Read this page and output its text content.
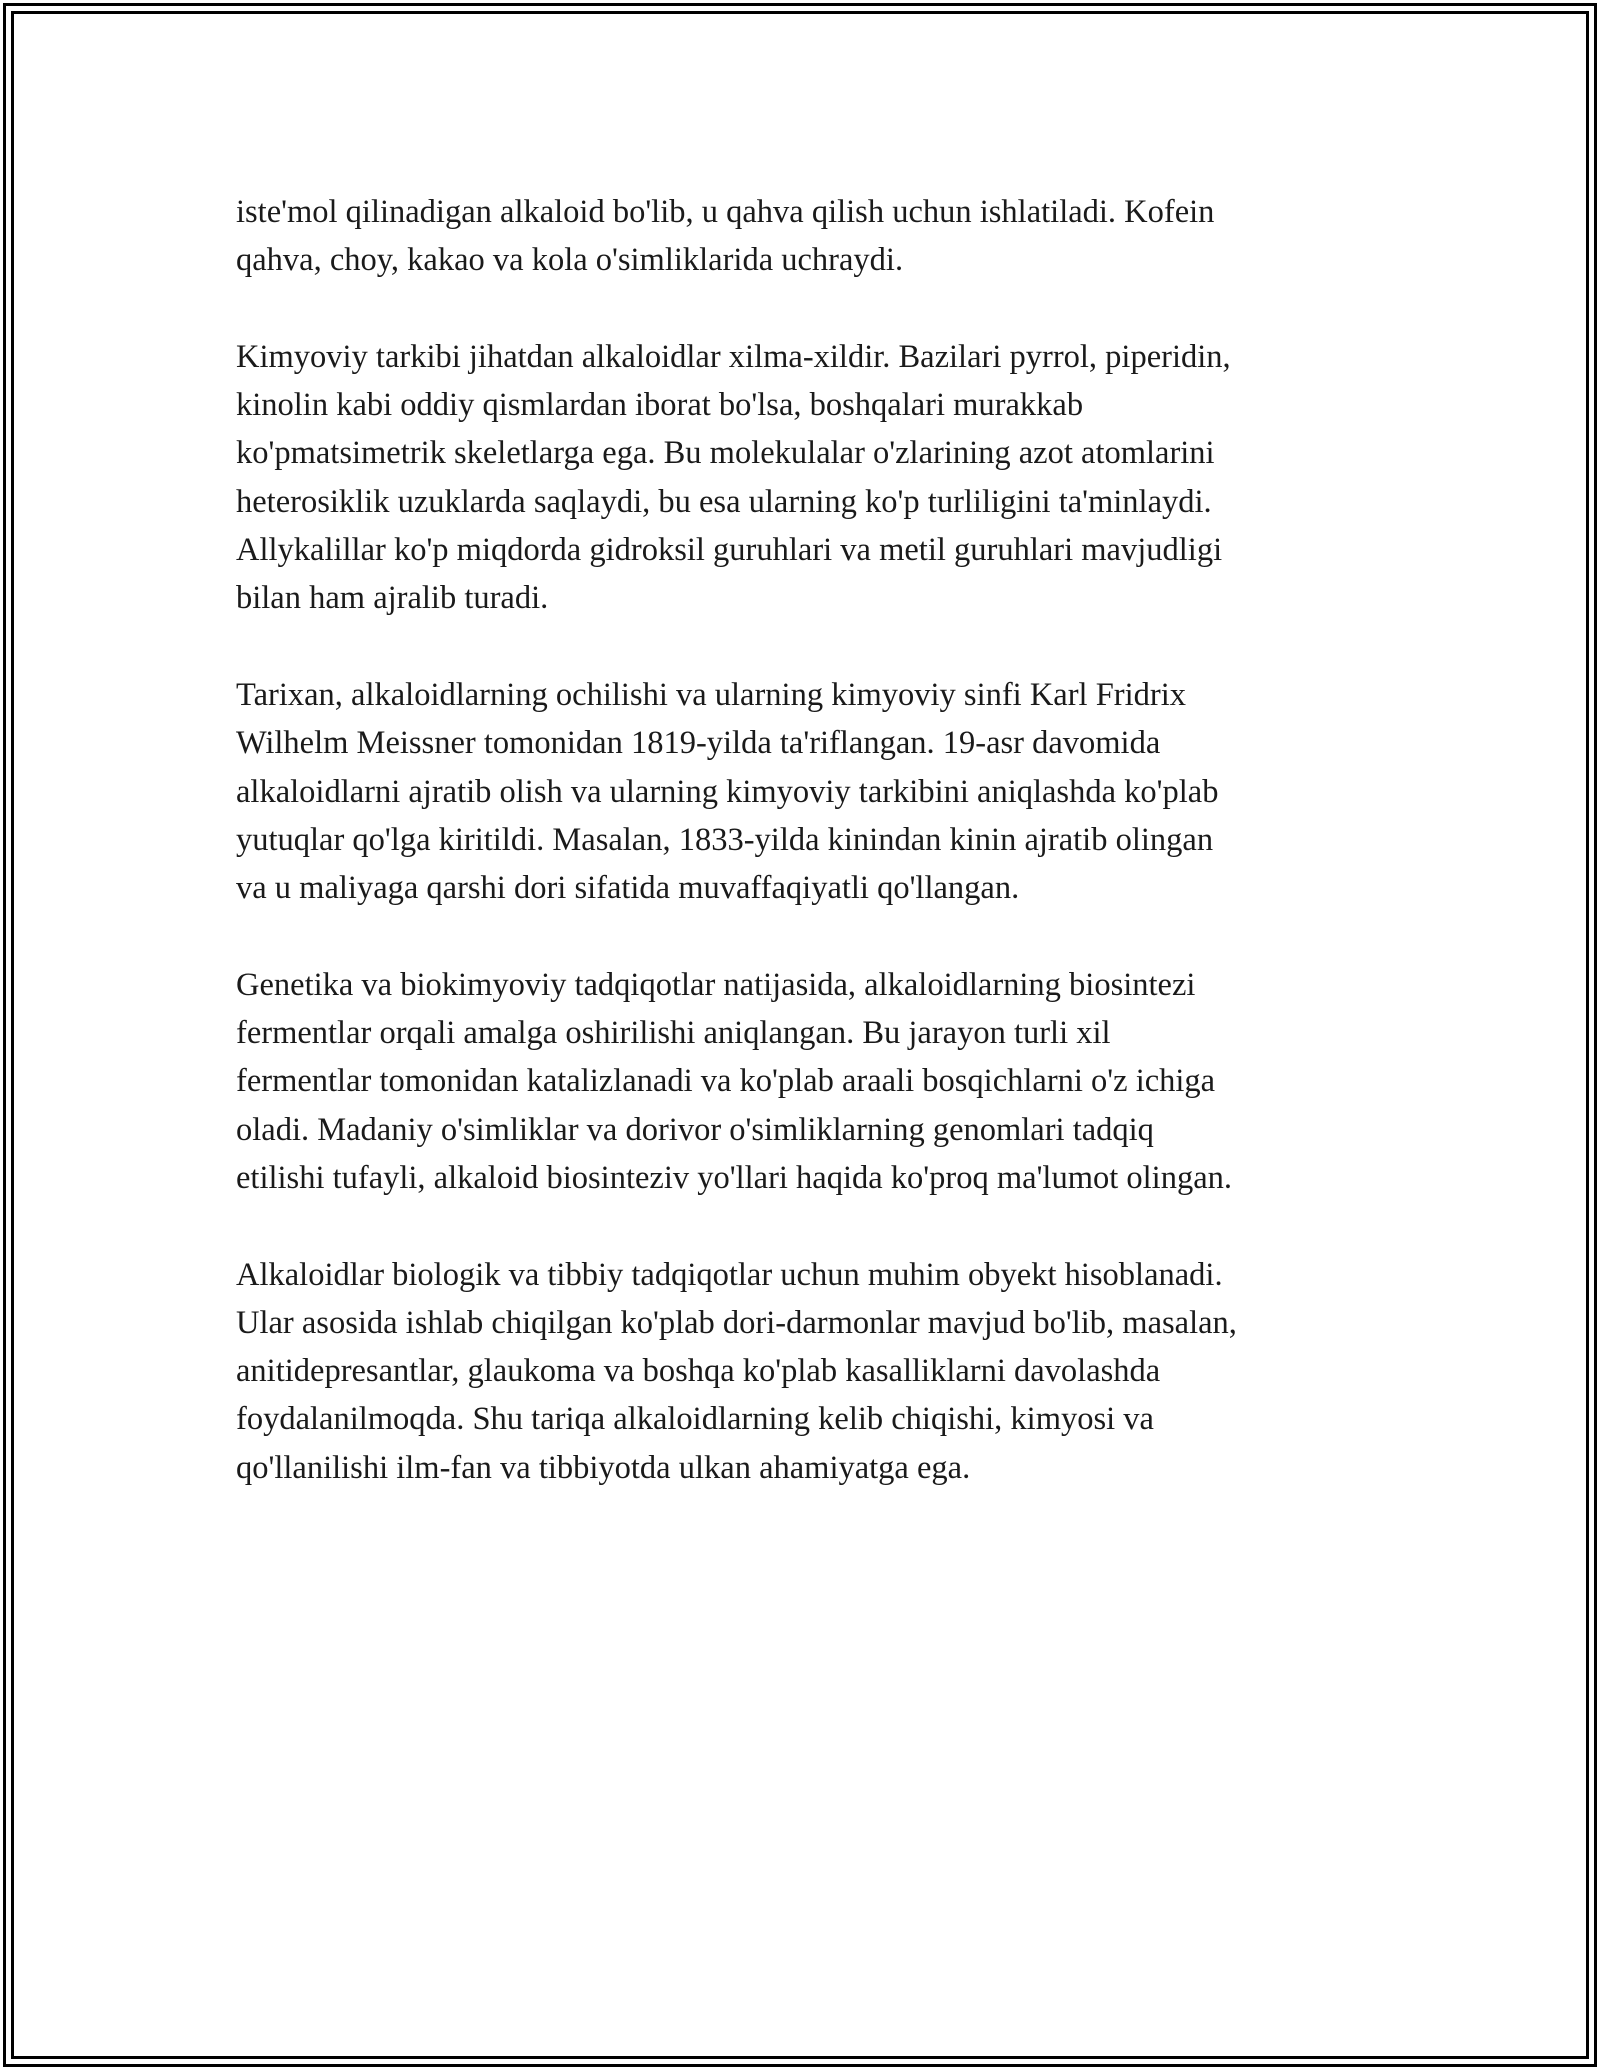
iste'mol qilinadigan alkaloid bo'lib, u qahva qilish uchun ishlatiladi. Kofein
qahva, choy, kakao va kola o'simliklarida uchraydi.

Kimyoviy tarkibi jihatdan alkaloidlar xilma-xildir. Bazilari pyrrol, piperidin,
kinolin kabi oddiy qismlardan iborat bo'lsa, boshqalari murakkab
ko'pmatsimetrik skeletlarga ega. Bu molekulalar o'zlarining azot atomlarini
heterosiklik uzuklarda saqlaydi, bu esa ularning ko'p turliligini ta'minlaydi.
Allykalillar ko'p miqdorda gidroksil guruhlari va metil guruhlari mavjudligi
bilan ham ajralib turadi.

Tarixan, alkaloidlarning ochilishi va ularning kimyoviy sinfi Karl Fridrix
Wilhelm Meissner tomonidan 1819-yilda ta'riflangan. 19-asr davomida
alkaloidlarni ajratib olish va ularning kimyoviy tarkibini aniqlashda ko'plab
yutuqlar qo'lga kiritildi. Masalan, 1833-yilda kinindan kinin ajratib olingan
va u maliyaga qarshi dori sifatida muvaffaqiyatli qo'llangan.

Genetika va biokimyoviy tadqiqotlar natijasida, alkaloidlarning biosintezi
fermentlar orqali amalga oshirilishi aniqlangan. Bu jarayon turli xil
fermentlar tomonidan katalizlanadi va ko'plab araali bosqichlarni o'z ichiga
oladi. Madaniy o'simliklar va dorivor o'simliklarning genomlari tadqiq
etilishi tufayli, alkaloid biosinteziv yo'llari haqida ko'proq ma'lumot olingan.

Alkaloidlar biologik va tibbiy tadqiqotlar uchun muhim obyekt hisoblanadi.
Ular asosida ishlab chiqilgan ko'plab dori-darmonlar mavjud bo'lib, masalan,
anitidepresantlar, glaukoma va boshqa ko'plab kasalliklarni davolashda
foydalanilmoqda. Shu tariqa alkaloidlarning kelib chiqishi, kimyosi va
qo'llanilishi ilm-fan va tibbiyotda ulkan ahamiyatga ega.
